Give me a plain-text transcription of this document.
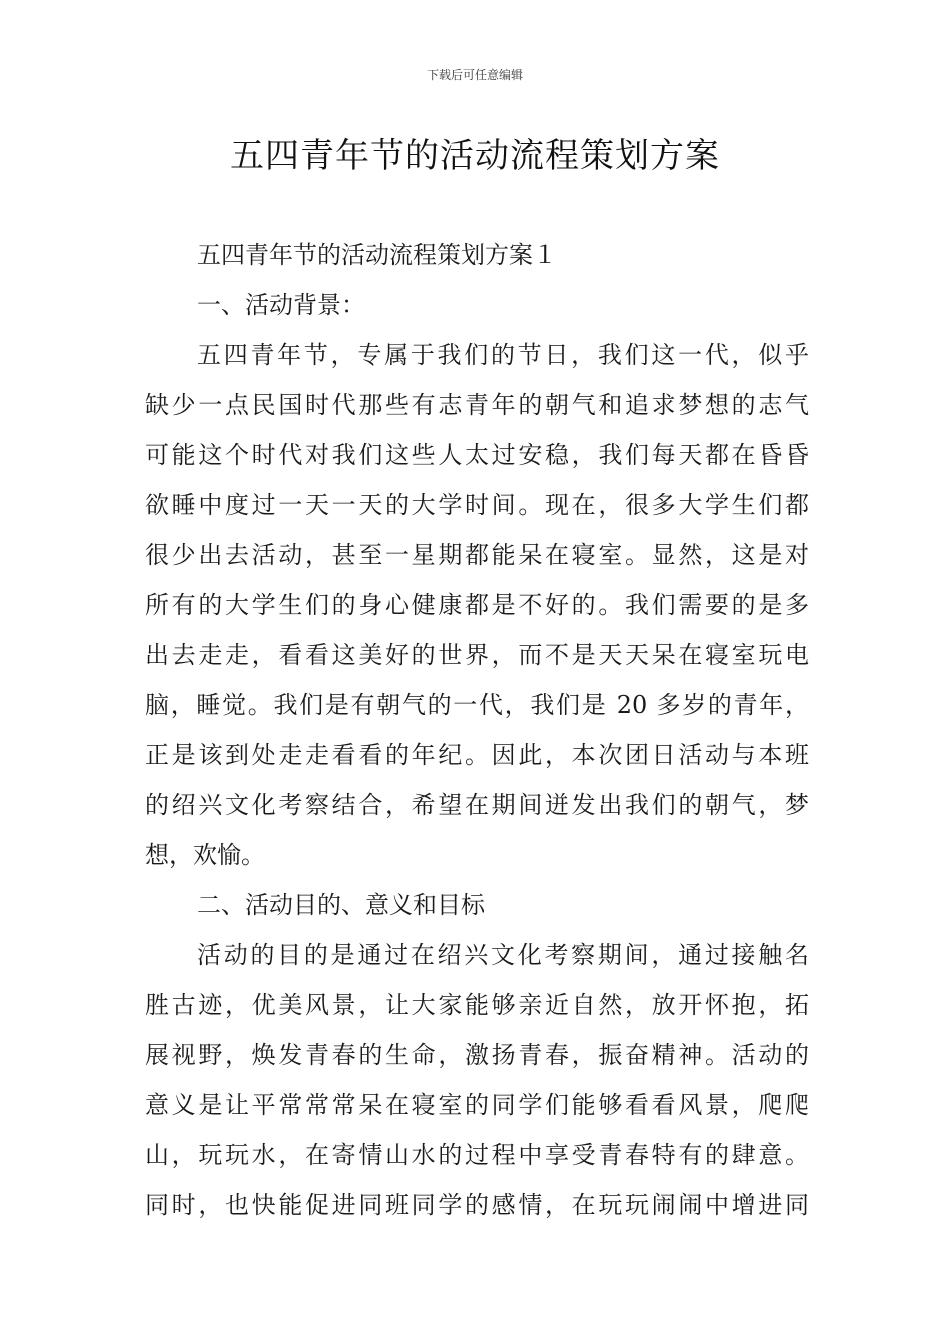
下载后可任意编辑
五四青年节的活动流程策划方案
五四青年节的活动流程策划方案１
一、活动背景：
五四青年节，专属于我们的节日，我们这一代，似乎
缺少一点民国时代那些有志青年的朝气和追求梦想的志气
可能这个时代对我们这些人太过安稳，我们每天都在昏昏
欲睡中度过一天一天的大学时间。现在，很多大学生们都
很少出去活动，甚至一星期都能呆在寝室。显然，这是对
所有的大学生们的身心健康都是不好的。我们需要的是多
出去走走，看看这美好的世界，而不是天天呆在寝室玩电
脑，睡觉。我们是有朝气的一代，我们是 20 多岁的青年，
正是该到处走走看看的年纪。因此，本次团日活动与本班
的绍兴文化考察结合，希望在期间迸发出我们的朝气，梦
想，欢愉。
二、活动目的、意义和目标
活动的目的是通过在绍兴文化考察期间，通过接触名
胜古迹，优美风景，让大家能够亲近自然，放开怀抱，拓
展视野，焕发青春的生命，激扬青春，振奋精神。活动的
意义是让平常常常呆在寝室的同学们能够看看风景，爬爬
山，玩玩水，在寄情山水的过程中享受青春特有的肆意。
同时，也快能促进同班同学的感情，在玩玩闹闹中增进同
